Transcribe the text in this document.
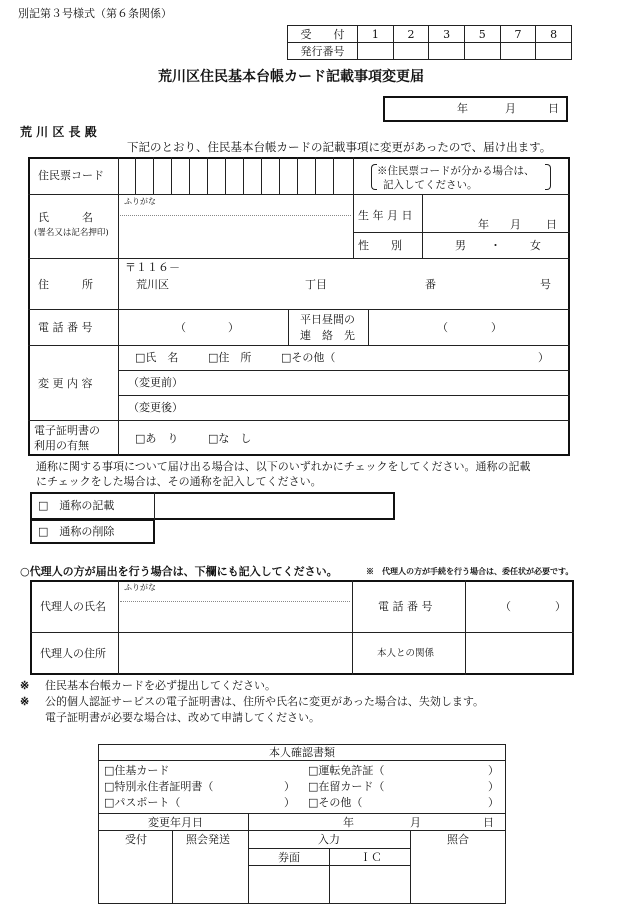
別記第３号様式（第６条関係）
受　　付	1	2	3	5	7	8
発行番号						
荒川区住民基本台帳カード記載事項変更届
年	月	日
荒 川 区 長 殿
下記のとおり、住民基本台帳カードの記載事項に変更があったので、届け出ます。
住民票コード	※住民票コードが分かる場合は、
記入してください。
氏　　　名
(署名又は記名押印)
ふりがな
生 年 月 日
年 月 日
性　　別	男 ・	女
住　　　所
〒１１６－
荒川区	丁目	番	号
電 話 番 号	（	）
平日昼間の
連　絡　先
（	）
変 更 内 容
□氏　名	□住　所	□その他（	）
（変更前）
（変更後）
電子証明書の
利用の有無
□あ　り	□な　し
通称に関する事項について届け出る場合は、以下のいずれかにチェックをしてください。通称の記載
にチェックをした場合は、その通称を記入してください。
□　通称の記載
□　通称の削除
○代理人の方が届出を行う場合は、下欄にも記入してください。	※　代理人の方が手続を行う場合は、委任状が必要です。
代理人の氏名
ふりがな
電 話 番 号	（　　　　）
代理人の住所	本人との関係
※ 住民基本台帳カードを必ず提出してください。
※ 公的個人認証サービスの電子証明書は、住所や氏名に変更があった場合は、失効します。
電子証明書が必要な場合は、改めて申請してください。
本人確認書類
□住基カード	□運転免許証（	）
□特別永住者証明書（	） □在留カード（	）
□パスポート（	） □その他（	）
変更年月日	年	月	日
受付	照会発送	入力	照合
券面	ＩＣ
